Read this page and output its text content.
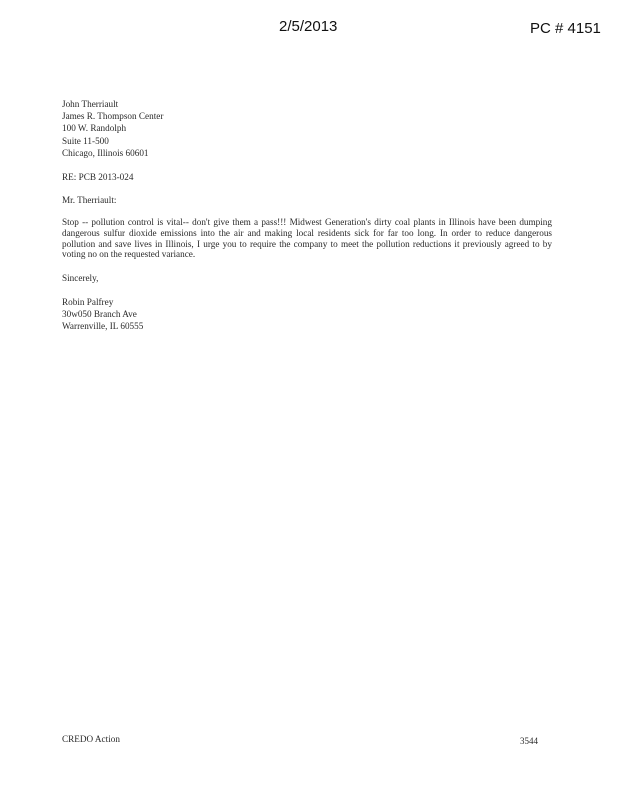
2/5/2013	PC # 4151
John Therriault
James R. Thompson Center
100 W. Randolph
Suite 11-500
Chicago, Illinois 60601
RE: PCB 2013-024
Mr. Therriault:
Stop -- pollution control is vital-- don't give them a pass!!! Midwest Generation's dirty coal plants in Illinois have been dumping dangerous sulfur dioxide emissions into the air and making local residents sick for far too long. In order to reduce dangerous pollution and save lives in Illinois, I urge you to require the company to meet the pollution reductions it previously agreed to by voting no on the requested variance.
Sincerely,
Robin Palfrey
30w050 Branch Ave
Warrenville, IL 60555
CREDO Action	3544
